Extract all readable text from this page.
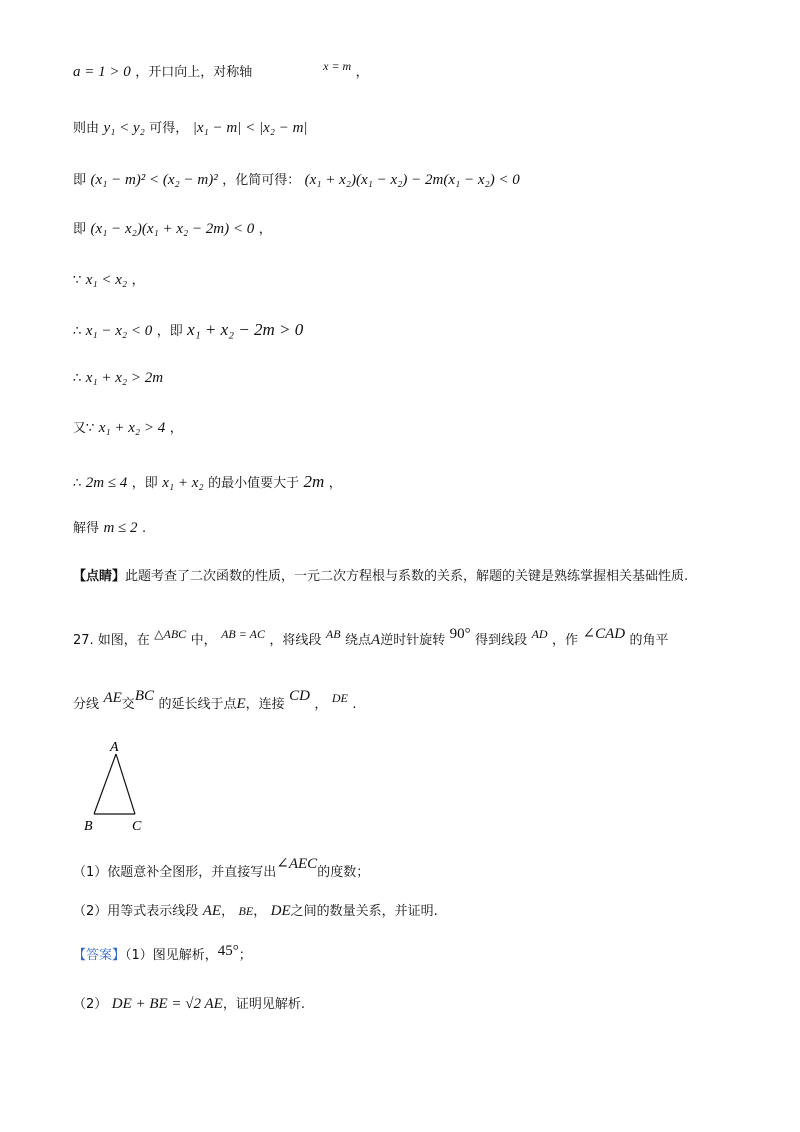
a = 1 > 0 ，开口向上，对称轴	x = m ，
则由 y₁ < y₂ 可得， |x₁ − m| < |x₂ − m|
即 (x₁ − m)² < (x₂ − m)² ，化简可得： (x₁ + x₂)(x₁ − x₂) − 2m(x₁ − x₂) < 0
即 (x₁ − x₂)(x₁ + x₂ − 2m) < 0 ，
∵ x₁ < x₂ ，
∴ x₁ − x₂ < 0 ，即 x₁ + x₂ − 2m > 0
∴ x₁ + x₂ > 2m
又∵ x₁ + x₂ > 4 ，
∴ 2m ≤ 4 ，即 x₁ + x₂ 的最小值要大于 2m ，
解得 m ≤ 2 .
【点睛】此题考查了二次函数的性质，一元二次方程根与系数的关系，解题的关键是熟练掌握相关基础性质.
27. 如图，在 △ABC 中， AB = AC ，将线段 AB 绕点A逆时针旋转 90° 得到线段 AD ，作 ∠CAD 的角平
分线 AE交BC 的延长线于点E，连接 CD ， DE .
A
B	C
（1）依题意补全图形，并直接写出∠AEC的度数；
（2）用等式表示线段 AE， BE， DE之间的数量关系，并证明.
【答案】（1）图见解析，45°；
（2） DE + BE = √2 AE，证明见解析.
